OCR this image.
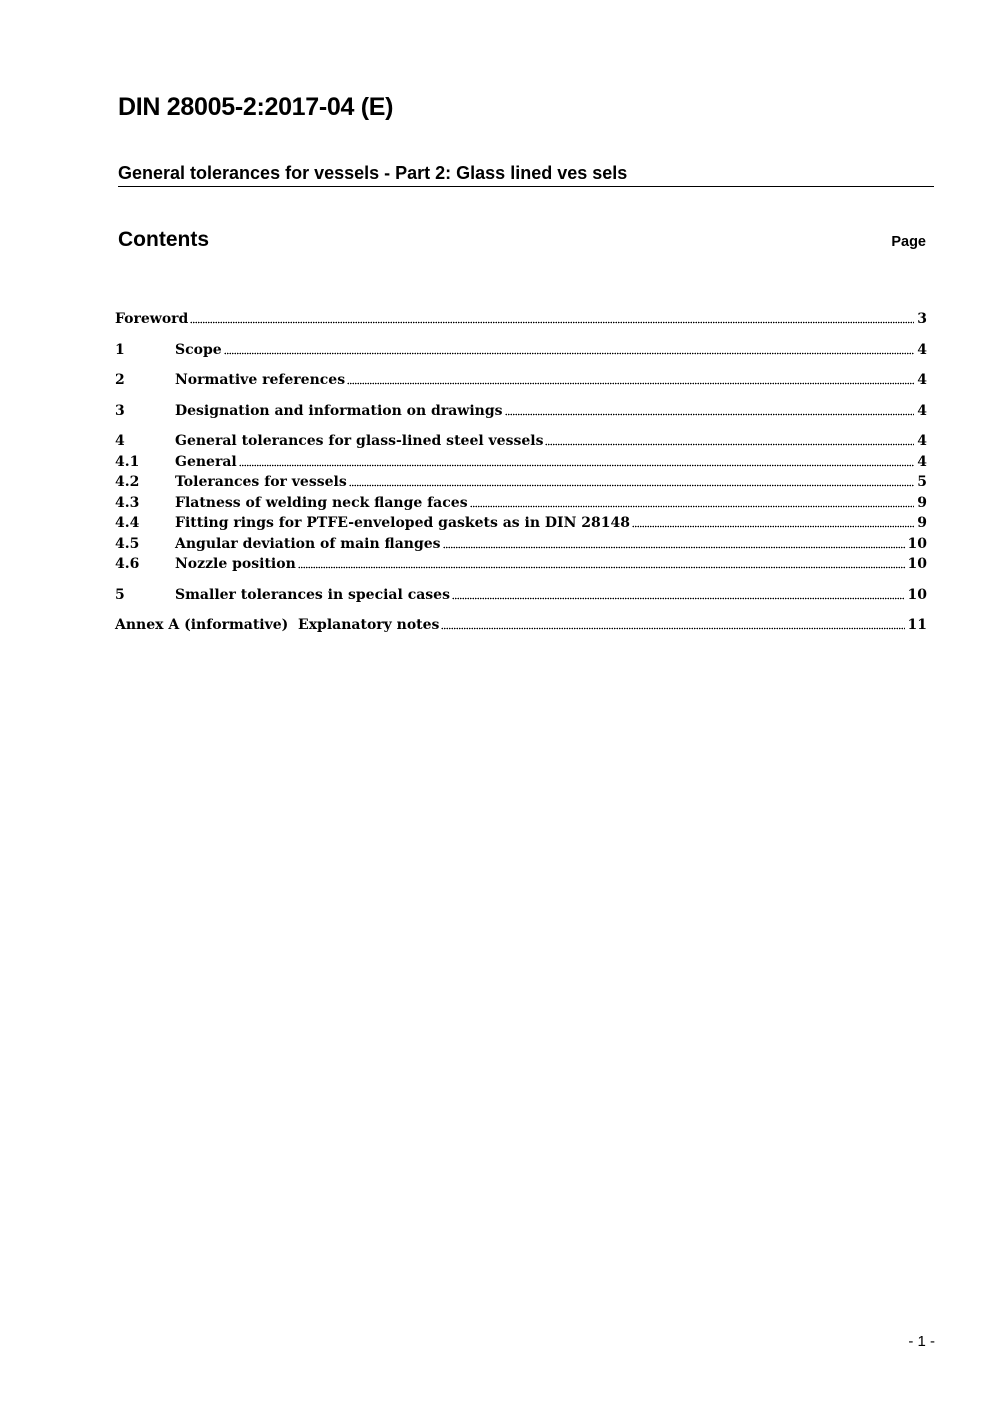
DIN 28005-2:2017-04 (E)
General tolerances for vessels - Part 2: Glass lined ves sels
Contents	Page
Foreword	3
1	Scope	4
2	Normative references	4
3	Designation and information on drawings	4
4	General tolerances for glass-lined steel vessels	4
4.1	General	4
4.2	Tolerances for vessels	5
4.3	Flatness of welding neck flange faces	9
4.4	Fitting rings for PTFE-enveloped gaskets as in DIN 28148	9
4.5	Angular deviation of main flanges	10
4.6	Nozzle position	10
5	Smaller tolerances in special cases	10
Annex A (informative)  Explanatory notes	11
- 1 -
